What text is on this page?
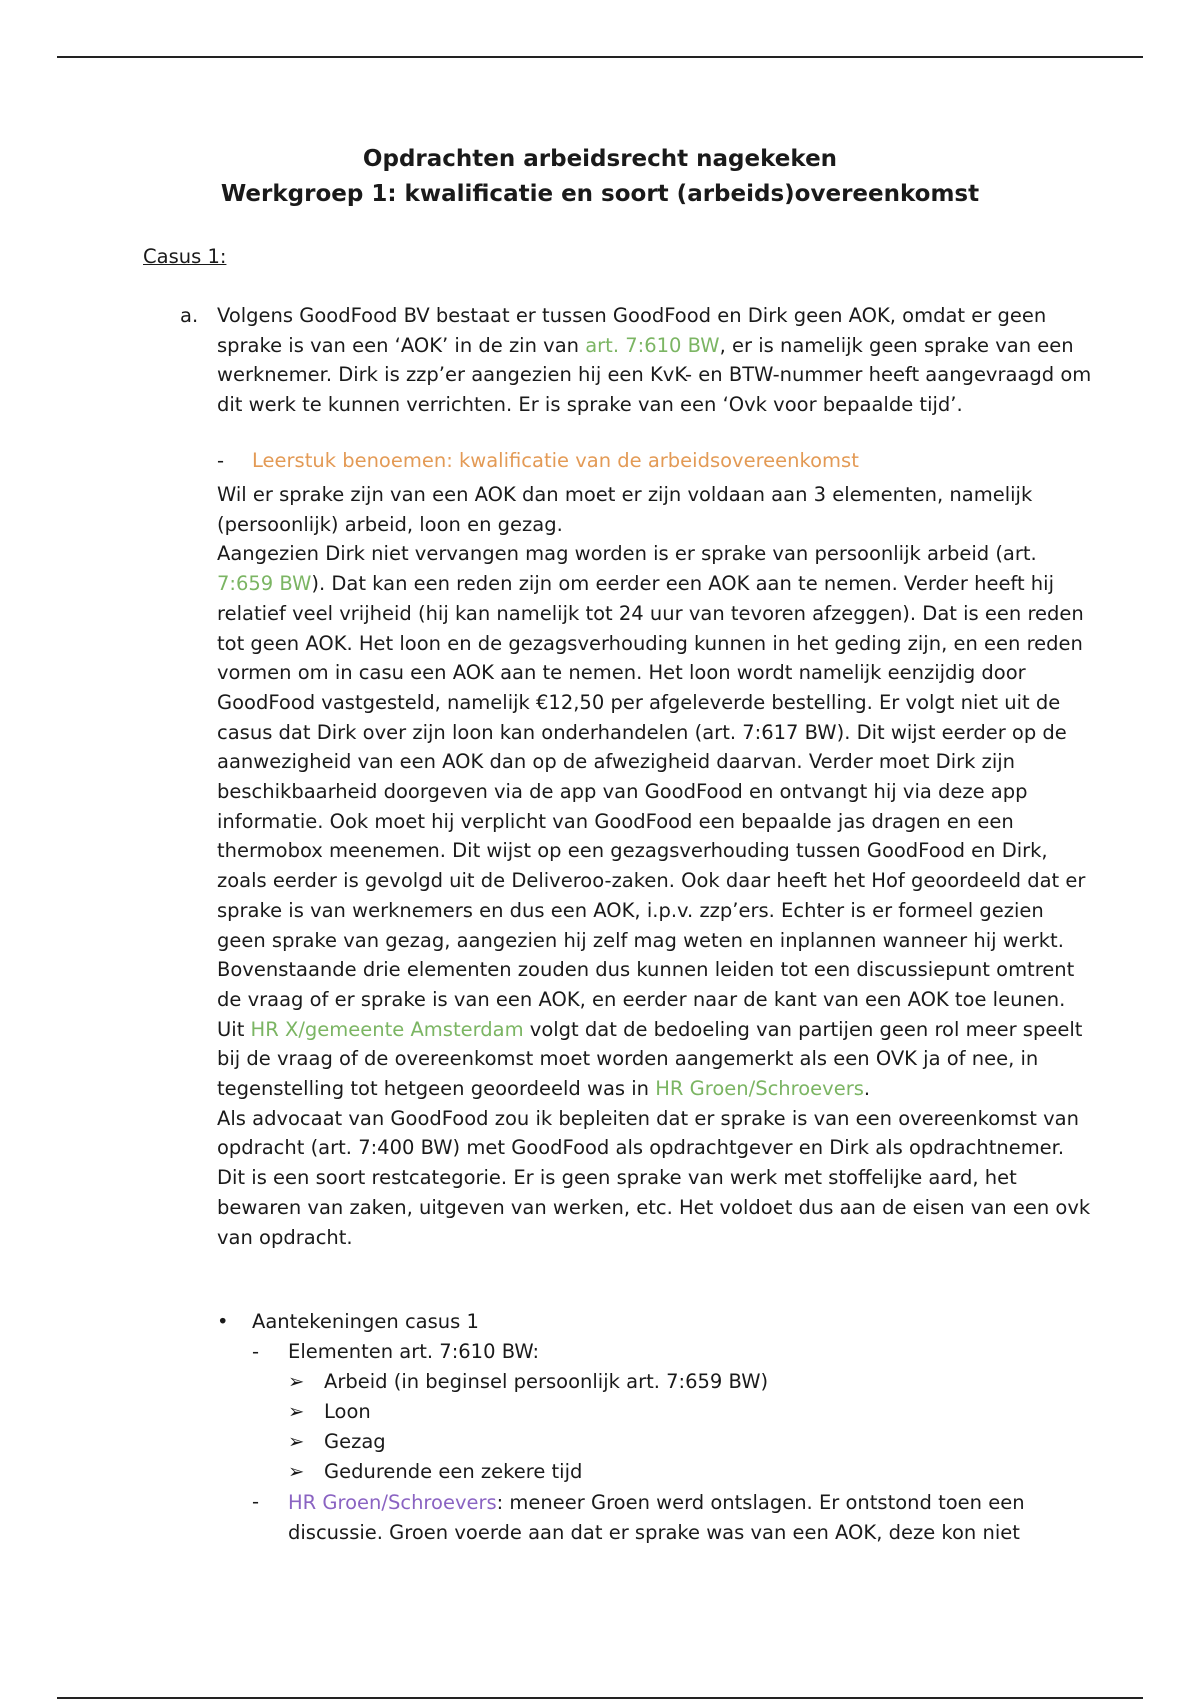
Opdrachten arbeidsrecht nagekeken
Werkgroep 1: kwalificatie en soort (arbeids)overeenkomst
Casus 1:
a. Volgens GoodFood BV bestaat er tussen GoodFood en Dirk geen AOK, omdat er geen sprake is van een ‘AOK’ in de zin van art. 7:610 BW, er is namelijk geen sprake van een werknemer. Dirk is zzp’er aangezien hij een KvK- en BTW-nummer heeft aangevraagd om dit werk te kunnen verrichten. Er is sprake van een ‘Ovk voor bepaalde tijd’.
- Leerstuk benoemen: kwalificatie van de arbeidsovereenkomst
Wil er sprake zijn van een AOK dan moet er zijn voldaan aan 3 elementen, namelijk (persoonlijk) arbeid, loon en gezag.
Aangezien Dirk niet vervangen mag worden is er sprake van persoonlijk arbeid (art. 7:659 BW). Dat kan een reden zijn om eerder een AOK aan te nemen. Verder heeft hij relatief veel vrijheid (hij kan namelijk tot 24 uur van tevoren afzeggen). Dat is een reden tot geen AOK. Het loon en de gezagsverhouding kunnen in het geding zijn, en een reden vormen om in casu een AOK aan te nemen. Het loon wordt namelijk eenzijdig door GoodFood vastgesteld, namelijk €12,50 per afgeleverde bestelling. Er volgt niet uit de casus dat Dirk over zijn loon kan onderhandelen (art. 7:617 BW). Dit wijst eerder op de aanwezigheid van een AOK dan op de afwezigheid daarvan. Verder moet Dirk zijn beschikbaarheid doorgeven via de app van GoodFood en ontvangt hij via deze app informatie. Ook moet hij verplicht van GoodFood een bepaalde jas dragen en een thermobox meenemen. Dit wijst op een gezagsverhouding tussen GoodFood en Dirk, zoals eerder is gevolgd uit de Deliveroo-zaken. Ook daar heeft het Hof geoordeeld dat er sprake is van werknemers en dus een AOK, i.p.v. zzp’ers. Echter is er formeel gezien geen sprake van gezag, aangezien hij zelf mag weten en inplannen wanneer hij werkt. Bovenstaande drie elementen zouden dus kunnen leiden tot een discussiepunt omtrent de vraag of er sprake is van een AOK, en eerder naar de kant van een AOK toe leunen.
Uit HR X/gemeente Amsterdam volgt dat de bedoeling van partijen geen rol meer speelt bij de vraag of de overeenkomst moet worden aangemerkt als een OVK ja of nee, in tegenstelling tot hetgeen geoordeeld was in HR Groen/Schroevers.
Als advocaat van GoodFood zou ik bepleiten dat er sprake is van een overeenkomst van opdracht (art. 7:400 BW) met GoodFood als opdrachtgever en Dirk als opdrachtnemer. Dit is een soort restcategorie. Er is geen sprake van werk met stoffelijke aard, het bewaren van zaken, uitgeven van werken, etc. Het voldoet dus aan de eisen van een ovk van opdracht.
• Aantekeningen casus 1
- Elementen art. 7:610 BW:
➢ Arbeid (in beginsel persoonlijk art. 7:659 BW)
➢ Loon
➢ Gezag
➢ Gedurende een zekere tijd
- HR Groen/Schroevers: meneer Groen werd ontslagen. Er ontstond toen een discussie. Groen voerde aan dat er sprake was van een AOK, deze kon niet
